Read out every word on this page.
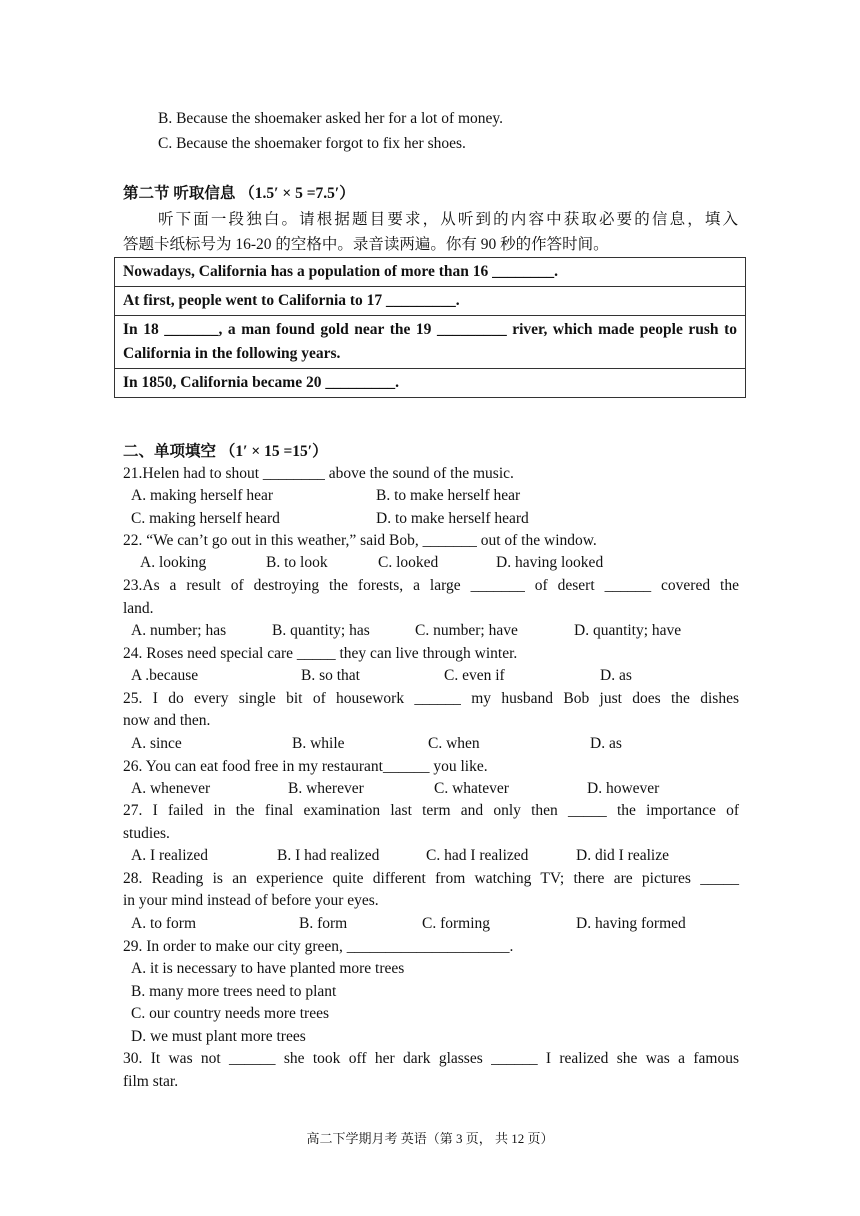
B. Because the shoemaker asked her for a lot of money.
C. Because the shoemaker forgot to fix her shoes.
第二节 听取信息 （1.5′ × 5 =7.5′）
听下面一段独白。请根据题目要求，从听到的内容中获取必要的信息，填入
答题卡纸标号为 16-20 的空格中。录音读两遍。你有 90 秒的作答时间。
Nowadays, California has a population of more than 16 ________.
At first, people went to California to 17 _________.
In 18 _______, a man found gold near the 19 _________ river, which made people rush to California in the following years.
In 1850, California became 20 _________.
二、单项填空 （1′ × 15 =15′）
21.Helen had to shout ________ above the sound of the music.
A. making herself hear	B. to make herself hear
C. making herself heard	D. to make herself heard
22. “We can’t go out in this weather,” said Bob, _______ out of the window.
A. looking	B. to look	C. looked	D. having looked
23.As a result of destroying the forests, a large _______ of desert ______ covered the
land.
A. number; has	B. quantity; has	C. number; have	D. quantity; have
24. Roses need special care _____ they can live through winter.
A .because	B. so that	C. even if	D. as
25. I do every single bit of housework ______ my husband Bob just does the dishes
now and then.
A. since	B. while	C. when	D. as
26. You can eat food free in my restaurant______ you like.
A. whenever	B. wherever	C. whatever	D. however
27. I failed in the final examination last term and only then _____ the importance of
studies.
A. I realized	B. I had realized	C. had I realized	D. did I realize
28. Reading is an experience quite different from watching TV; there are pictures _____
in your mind instead of before your eyes.
A. to form	B. form	C. forming	D. having formed
29. In order to make our city green, _____________________.
A. it is necessary to have planted more trees
B. many more trees need to plant
C. our country needs more trees
D. we must plant more trees
30. It was not ______ she took off her dark glasses ______ I realized she was a famous
film star.
高二下学期月考 英语（第 3 页， 共 12 页）
